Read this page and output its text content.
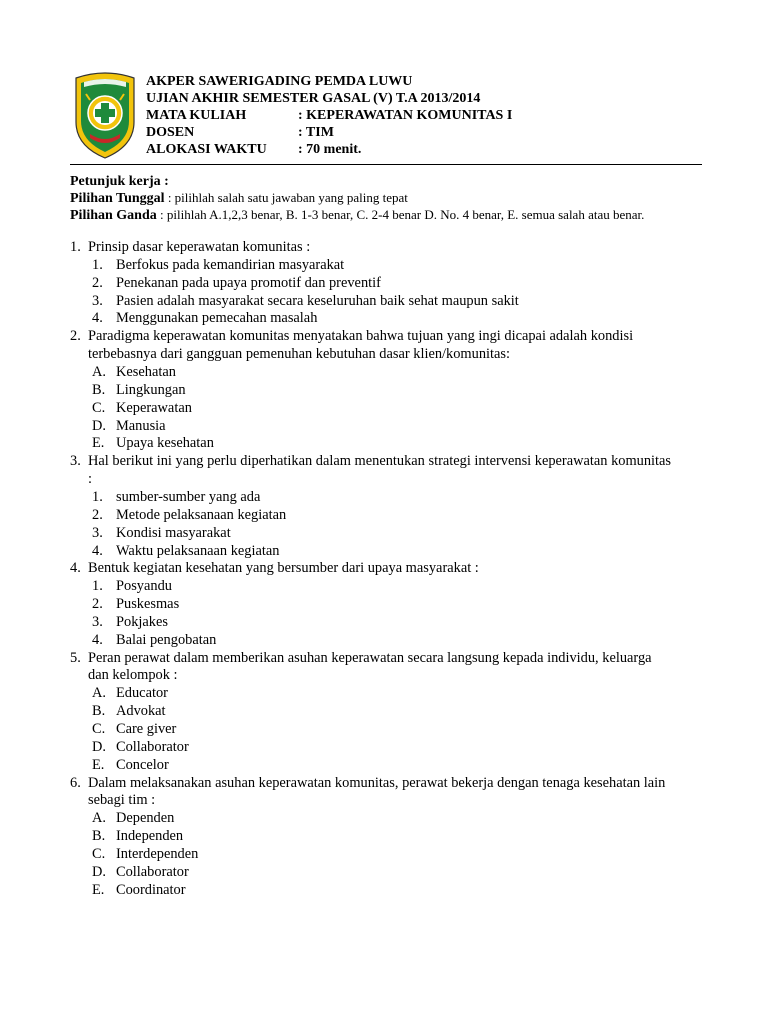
AKPER SAWERIGADING PEMDA LUWU
UJIAN AKHIR SEMESTER GASAL (V) T.A 2013/2014
MATA KULIAH	: KEPERAWATAN KOMUNITAS I
DOSEN	: TIM
ALOKASI WAKTU : 70 menit.
Petunjuk kerja :
Pilihan Tunggal : pilihlah salah satu jawaban yang paling tepat
Pilihan Ganda : pilihlah A.1,2,3 benar, B. 1-3 benar, C. 2-4 benar D. No. 4 benar, E. semua salah atau benar.
1. Prinsip dasar keperawatan komunitas :
1. Berfokus pada kemandirian masyarakat
2. Penekanan pada upaya promotif dan preventif
3. Pasien adalah masyarakat secara keseluruhan baik sehat maupun sakit
4. Menggunakan pemecahan masalah
2. Paradigma keperawatan komunitas menyatakan bahwa tujuan yang ingi dicapai adalah kondisi
terbebasnya dari gangguan pemenuhan kebutuhan dasar klien/komunitas:
A. Kesehatan
B. Lingkungan
C. Keperawatan
D. Manusia
E. Upaya kesehatan
3. Hal berikut ini yang perlu diperhatikan dalam menentukan strategi intervensi keperawatan komunitas
:
1. sumber-sumber yang ada
2. Metode pelaksanaan kegiatan
3. Kondisi masyarakat
4. Waktu pelaksanaan kegiatan
4. Bentuk kegiatan kesehatan yang bersumber dari upaya masyarakat :
1. Posyandu
2. Puskesmas
3. Pokjakes
4. Balai pengobatan
5. Peran perawat dalam memberikan asuhan keperawatan secara langsung kepada individu, keluarga
dan kelompok :
A. Educator
B. Advokat
C. Care giver
D. Collaborator
E. Concelor
6. Dalam melaksanakan asuhan keperawatan komunitas, perawat bekerja dengan tenaga kesehatan lain
sebagi tim :
A. Dependen
B. Independen
C. Interdependen
D. Collaborator
E. Coordinator
